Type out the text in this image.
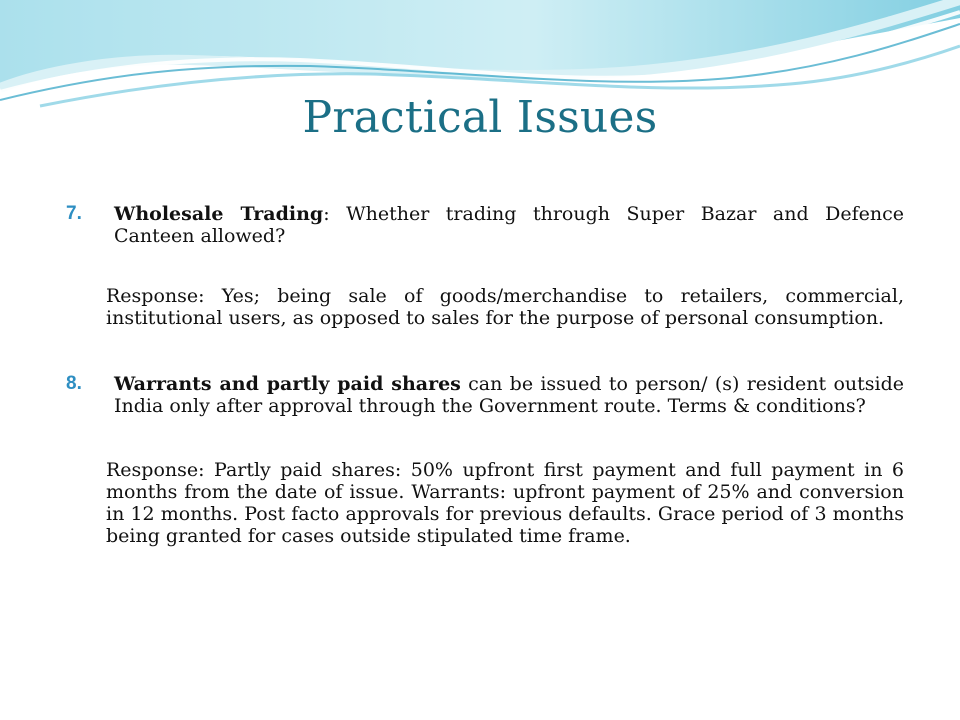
Practical Issues
7.	Wholesale Trading: Whether trading through Super Bazar and Defence Canteen allowed?
Response: Yes; being sale of goods/merchandise to retailers, commercial, institutional users, as opposed to sales for the purpose of personal consumption.
8.	Warrants and partly paid shares can be issued to person/ (s) resident outside India only after approval through the Government route. Terms & conditions?
Response: Partly paid shares: 50% upfront first payment and full payment in 6 months from the date of issue. Warrants: upfront payment of 25% and conversion in 12 months. Post facto approvals for previous defaults. Grace period of 3 months being granted for cases outside stipulated time frame.
